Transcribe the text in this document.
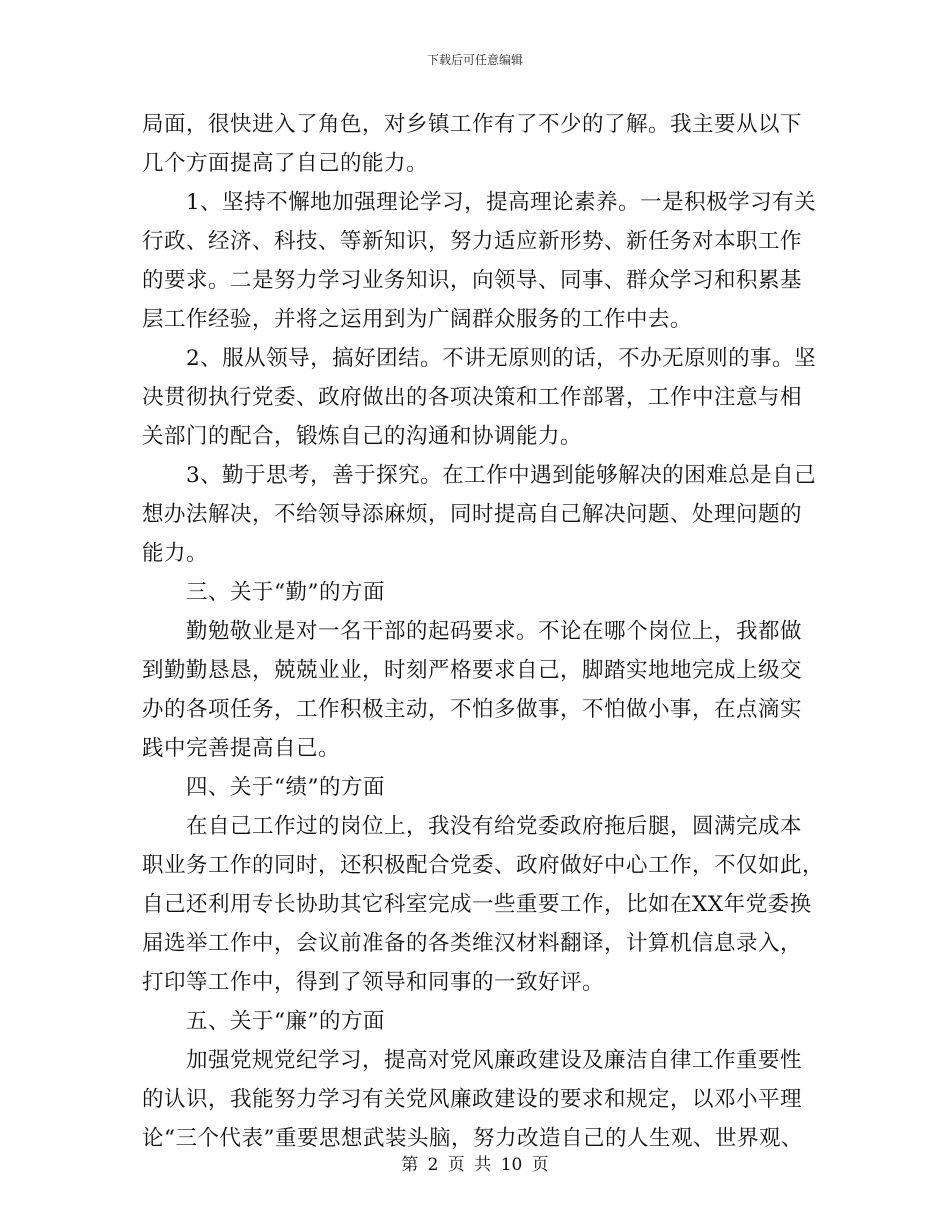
下载后可任意编辑
局面，很快进入了角色，对乡镇工作有了不少的了解。我主要从以下
几个方面提高了自己的能力。
1、坚持不懈地加强理论学习，提高理论素养。一是积极学习有关
行政、经济、科技、等新知识，努力适应新形势、新任务对本职工作
的要求。二是努力学习业务知识，向领导、同事、群众学习和积累基
层工作经验，并将之运用到为广阔群众服务的工作中去。
2、服从领导，搞好团结。不讲无原则的话，不办无原则的事。坚
决贯彻执行党委、政府做出的各项决策和工作部署，工作中注意与相
关部门的配合，锻炼自己的沟通和协调能力。
3、勤于思考，善于探究。在工作中遇到能够解决的困难总是自己
想办法解决，不给领导添麻烦，同时提高自己解决问题、处理问题的
能力。
三、关于“勤”的方面
勤勉敬业是对一名干部的起码要求。不论在哪个岗位上，我都做
到勤勤恳恳，兢兢业业，时刻严格要求自己，脚踏实地地完成上级交
办的各项任务，工作积极主动，不怕多做事，不怕做小事，在点滴实
践中完善提高自己。
四、关于“绩”的方面
在自己工作过的岗位上，我没有给党委政府拖后腿，圆满完成本
职业务工作的同时，还积极配合党委、政府做好中心工作，不仅如此，
自己还利用专长协助其它科室完成一些重要工作，比如在XX年党委换
届选举工作中，会议前准备的各类维汉材料翻译，计算机信息录入，
打印等工作中，得到了领导和同事的一致好评。
五、关于“廉”的方面
加强党规党纪学习，提高对党风廉政建设及廉洁自律工作重要性
的认识，我能努力学习有关党风廉政建设的要求和规定，以邓小平理
论“三个代表”重要思想武装头脑，努力改造自己的人生观、世界观、
第 2 页 共 10 页
